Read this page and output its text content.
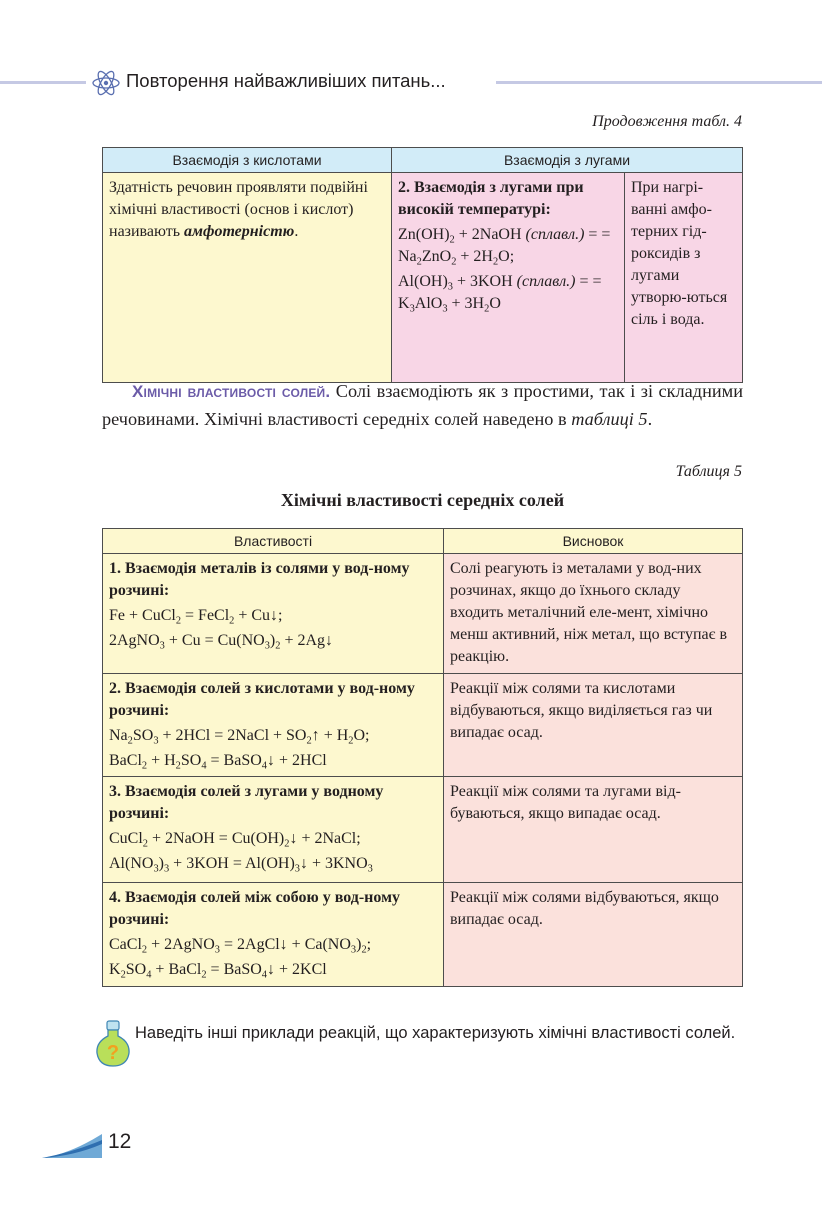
Повторення найважливіших питань...
Продовження табл. 4
Взаємодія з кислотами	Взаємодія з лугами	
Здатність речовин проявляти подвійні хімічні властивості (основ і кислот) називають амфотерністю.	2. Взаємодія з лугами при високій температурі:
$Zn(OH)_2$ + 2NaOH (сплавл.) = = $Na_2ZnO_2 + 2H_2O$;
$Al(OH)_3 + 3KOH$ (сплавл.) = = $K_3AlO_3 + 3H_2O$	При нагрі-ванні амфо-терних гід-роксидів з лугами утворю-ються сіль і вода.
Хімічні властивості солей. Солі взаємодіють як з простими, так і зі складними речовинами. Хімічні властивості середніх солей наведено в таблиці 5.
Таблиця 5
Хімічні властивості середніх солей
Властивості	Висновок
1. Взаємодія металів із солями у вод-ному розчині:
Fe + CuCl$_2$ = FeCl$_2$ + Cu↓;
2AgNO$_3$ + $Cu = Cu(NO_3)_2$ + 2Ag↓	Солі реагують із металами у вод-них розчинах, якщо до їхнього складу входить металічний еле-мент, хімічно менш активний, ніж метал, що вступає в реакцію.
2. Взаємодія солей з кислотами у вод-ному розчині:
$Na_2SO_3 + 2HCl$ = 2NaCl + $SO_2↑ + H_2O$;
BaCl$_2$ + $H_2SO_4$ = BaSO$_4$↓ + 2HCl	Реакції між солями та кислотами відбуваються, якщо виділяється газ чи випадає осад.
3. Взаємодія солей з лугами у водному розчині:
CuCl$_2$ + 2NaOH = $Cu(OH)_2↓$ + 2NaCl;
$Al(NO_3)_3 + 3KOH$ = $Al(OH)_3↓ + 3KNO_3$	Реакції між солями та лугами від-буваються, якщо випадає осад.
4. Взаємодія солей між собою у вод-ному розчині:
CaCl$_2$ + 2AgNO$_3$ = 2AgCl↓ + $Ca(NO_3)_2$;
$K_2SO_4$ + BaCl$_2$ = BaSO$_4$↓ + 2KCl	Реакції між солями відбуваються, якщо випадає осад.
?
Наведіть інші приклади реакцій, що характеризують хімічні властивості солей.
12
